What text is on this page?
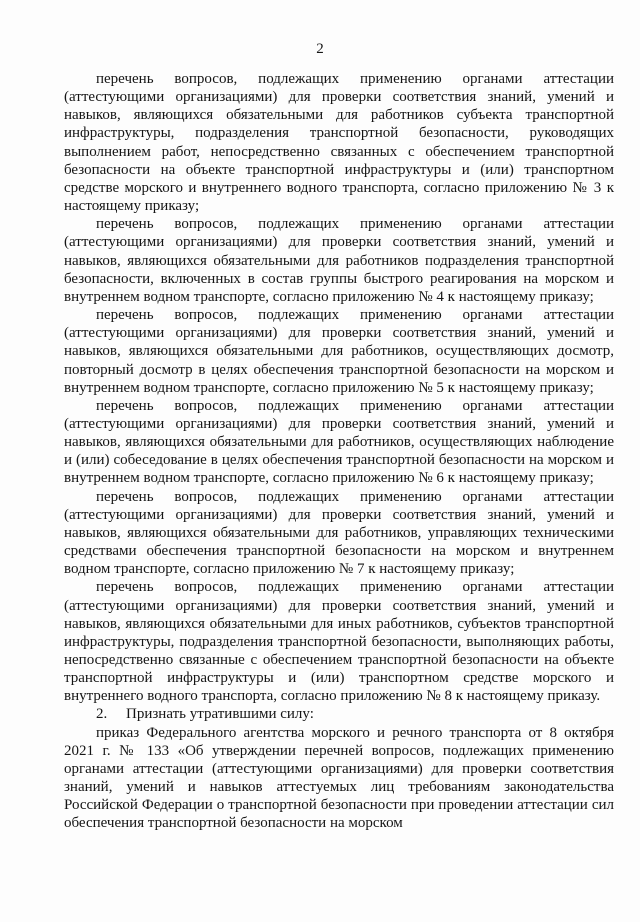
2

перечень вопросов, подлежащих применению органами аттестации (аттестующими организациями) для проверки соответствия знаний, умений и навыков, являющихся обязательными для работников субъекта транспортной инфраструктуры, подразделения транспортной безопасности, руководящих выполнением работ, непосредственно связанных с обеспечением транспортной безопасности на объекте транспортной инфраструктуры и (или) транспортном средстве морского и внутреннего водного транспорта, согласно приложению № 3 к настоящему приказу;

перечень вопросов, подлежащих применению органами аттестации (аттестующими организациями) для проверки соответствия знаний, умений и навыков, являющихся обязательными для работников подразделения транспортной безопасности, включенных в состав группы быстрого реагирования на морском и внутреннем водном транспорте, согласно приложению № 4 к настоящему приказу;

перечень вопросов, подлежащих применению органами аттестации (аттестующими организациями) для проверки соответствия знаний, умений и навыков, являющихся обязательными для работников, осуществляющих досмотр, повторный досмотр в целях обеспечения транспортной безопасности на морском и внутреннем водном транспорте, согласно приложению № 5 к настоящему приказу;

перечень вопросов, подлежащих применению органами аттестации (аттестующими организациями) для проверки соответствия знаний, умений и навыков, являющихся обязательными для работников, осуществляющих наблюдение и (или) собеседование в целях обеспечения транспортной безопасности на морском и внутреннем водном транспорте, согласно приложению № 6 к настоящему приказу;

перечень вопросов, подлежащих применению органами аттестации (аттестующими организациями) для проверки соответствия знаний, умений и навыков, являющихся обязательными для работников, управляющих техническими средствами обеспечения транспортной безопасности на морском и внутреннем водном транспорте, согласно приложению № 7 к настоящему приказу;

перечень вопросов, подлежащих применению органами аттестации (аттестующими организациями) для проверки соответствия знаний, умений и навыков, являющихся обязательными для иных работников, субъектов транспортной инфраструктуры, подразделения транспортной безопасности, выполняющих работы, непосредственно связанные с обеспечением транспортной безопасности на объекте транспортной инфраструктуры и (или) транспортном средстве морского и внутреннего водного транспорта, согласно приложению № 8 к настоящему приказу.

2.     Признать утратившими силу:

приказ Федерального агентства морского и речного транспорта от 8 октября 2021 г. № 133 «Об утверждении перечней вопросов, подлежащих применению органами аттестации (аттестующими организациями) для проверки соответствия знаний, умений и навыков аттестуемых лиц требованиям законодательства Российской Федерации о транспортной безопасности при проведении аттестации сил обеспечения транспортной безопасности на морском
